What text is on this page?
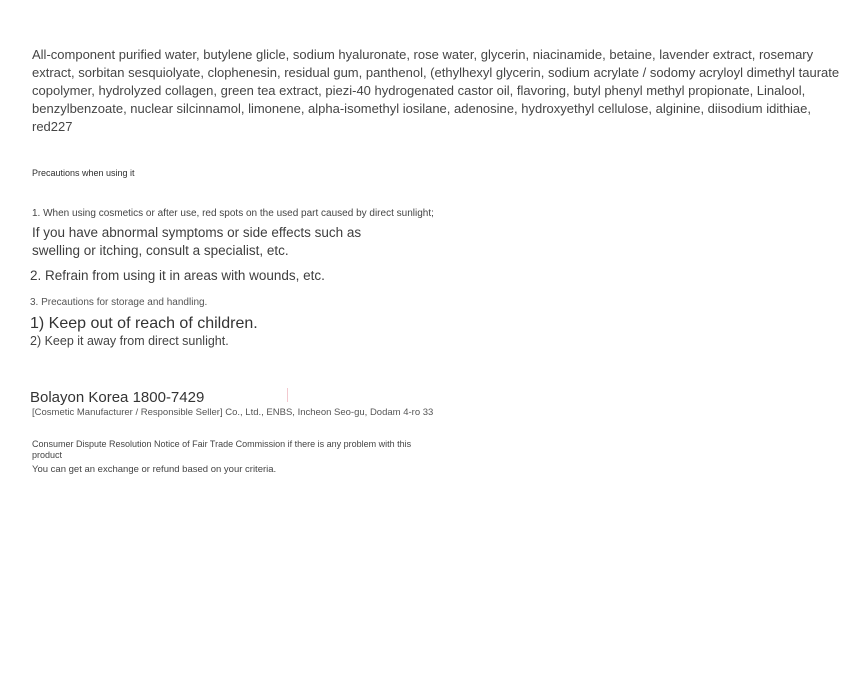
All-component purified water, butylene glicle, sodium hyaluronate, rose water, glycerin, niacinamide, betaine, lavender extract, rosemary extract, sorbitan sesquiolyate, clophenesin, residual gum, panthenol, (ethylhexyl glycerin, sodium acrylate / sodomy acryloyl dimethyl taurate copolymer, hydrolyzed collagen, green tea extract, piezi-40 hydrogenated castor oil, flavoring, butyl phenyl methyl propionate, Linalool, benzylbenzoate, nuclear silcinnamol, limonene, alpha-isomethyl iosilane, adenosine, hydroxyethyl cellulose, alginine, diisodium idithiae, red227

Precautions when using it

1. When using cosmetics or after use, red spots on the used part caused by direct sunlight;

If you have abnormal symptoms or side effects such as swelling or itching, consult a specialist, etc.

2. Refrain from using it in areas with wounds, etc.

3. Precautions for storage and handling.

1) Keep out of reach of children.

2) Keep it away from direct sunlight.

Bolayon Korea 1800-7429

[Cosmetic Manufacturer / Responsible Seller] Co., Ltd., ENBS, Incheon Seo-gu, Dodam 4-ro 33

Consumer Dispute Resolution Notice of Fair Trade Commission if there is any problem with this product

You can get an exchange or refund based on your criteria.
